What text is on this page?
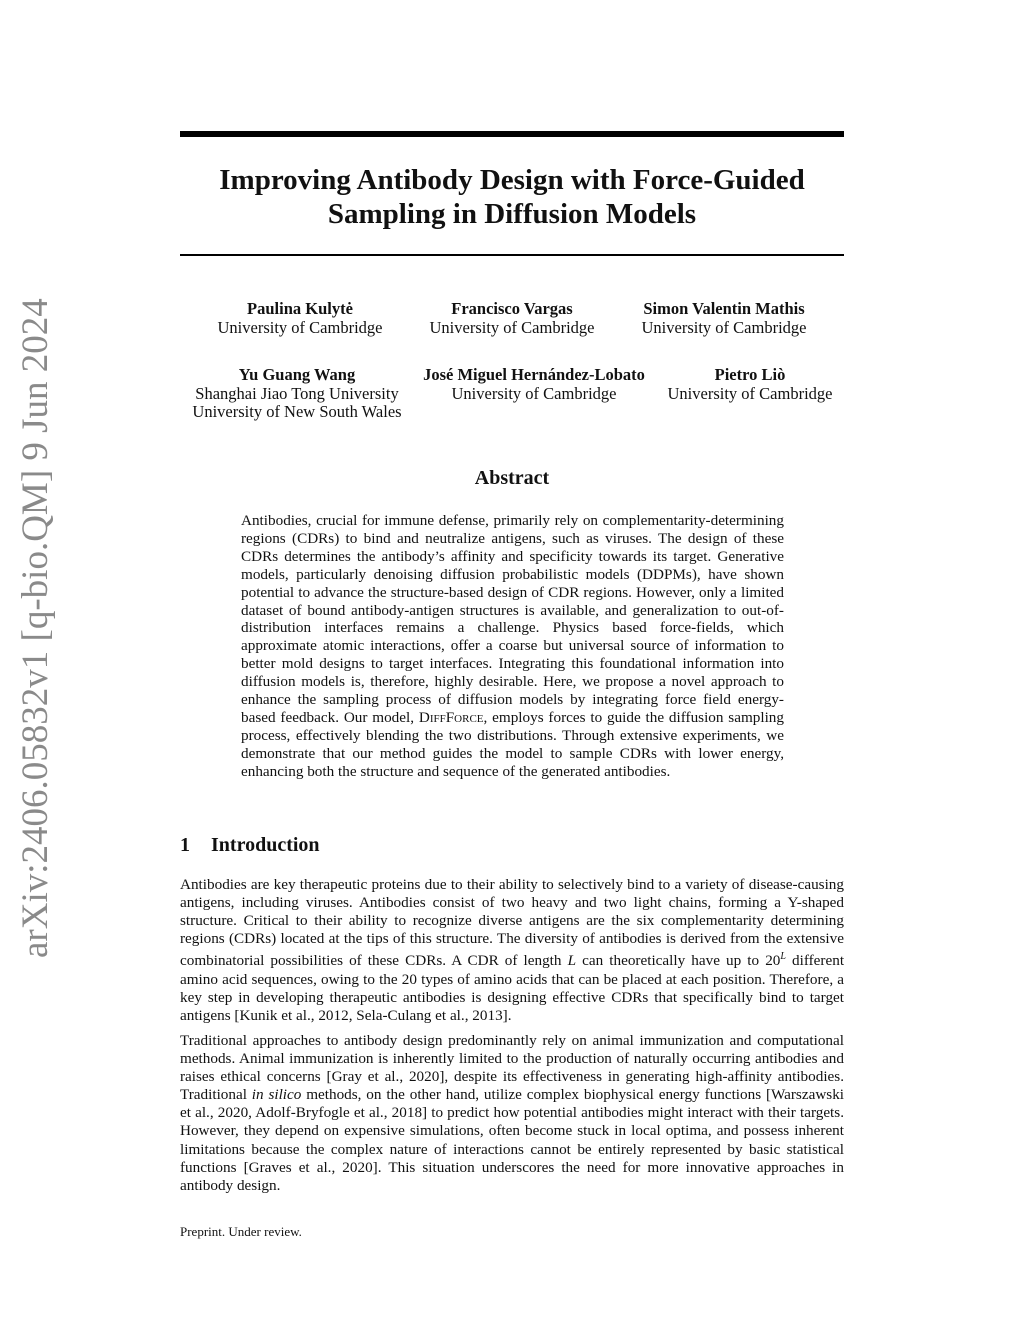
arXiv:2406.05832v1 [q-bio.QM] 9 Jun 2024
Improving Antibody Design with Force-Guided
Sampling in Diffusion Models
Paulina Kulytė
University of Cambridge
Francisco Vargas
University of Cambridge
Simon Valentin Mathis
University of Cambridge
Yu Guang Wang
Shanghai Jiao Tong University
University of New South Wales
José Miguel Hernández-Lobato
University of Cambridge
Pietro Liò
University of Cambridge
Abstract

Antibodies, crucial for immune defense, primarily rely on complementarity-determining regions (CDRs) to bind and neutralize antigens, such as viruses. The design of these CDRs determines the antibody’s affinity and specificity towards its target. Generative models, particularly denoising diffusion probabilistic models (DDPMs), have shown potential to advance the structure-based design of CDR regions. However, only a limited dataset of bound antibody-antigen structures is available, and generalization to out-of-distribution interfaces remains a challenge. Physics based force-fields, which approximate atomic interactions, offer a coarse but universal source of information to better mold designs to target interfaces. Integrating this foundational information into diffusion models is, therefore, highly desirable. Here, we propose a novel approach to enhance the sampling process of diffusion models by integrating force field energy-based feedback. Our model, DiffForce, employs forces to guide the diffusion sampling process, effectively blending the two distributions. Through extensive experiments, we demonstrate that our method guides the model to sample CDRs with lower energy, enhancing both the structure and sequence of the generated antibodies.

1 Introduction

Antibodies are key therapeutic proteins due to their ability to selectively bind to a variety of disease-causing antigens, including viruses. Antibodies consist of two heavy and two light chains, forming a Y-shaped structure. Critical to their ability to recognize diverse antigens are the six complementarity determining regions (CDRs) located at the tips of this structure. The diversity of antibodies is derived from the extensive combinatorial possibilities of these CDRs. A CDR of length L can theoretically have up to $20^L$ different amino acid sequences, owing to the 20 types of amino acids that can be placed at each position. Therefore, a key step in developing therapeutic antibodies is designing effective CDRs that specifically bind to target antigens [Kunik et al., 2012, Sela-Culang et al., 2013].

Traditional approaches to antibody design predominantly rely on animal immunization and computational methods. Animal immunization is inherently limited to the production of naturally occurring antibodies and raises ethical concerns [Gray et al., 2020], despite its effectiveness in generating high-affinity antibodies. Traditional in silico methods, on the other hand, utilize complex biophysical energy functions [Warszawski et al., 2020, Adolf-Bryfogle et al., 2018] to predict how potential antibodies might interact with their targets. However, they depend on expensive simulations, often become stuck in local optima, and possess inherent limitations because the complex nature of interactions cannot be entirely represented by basic statistical functions [Graves et al., 2020]. This situation underscores the need for more innovative approaches in antibody design.

Preprint. Under review.
